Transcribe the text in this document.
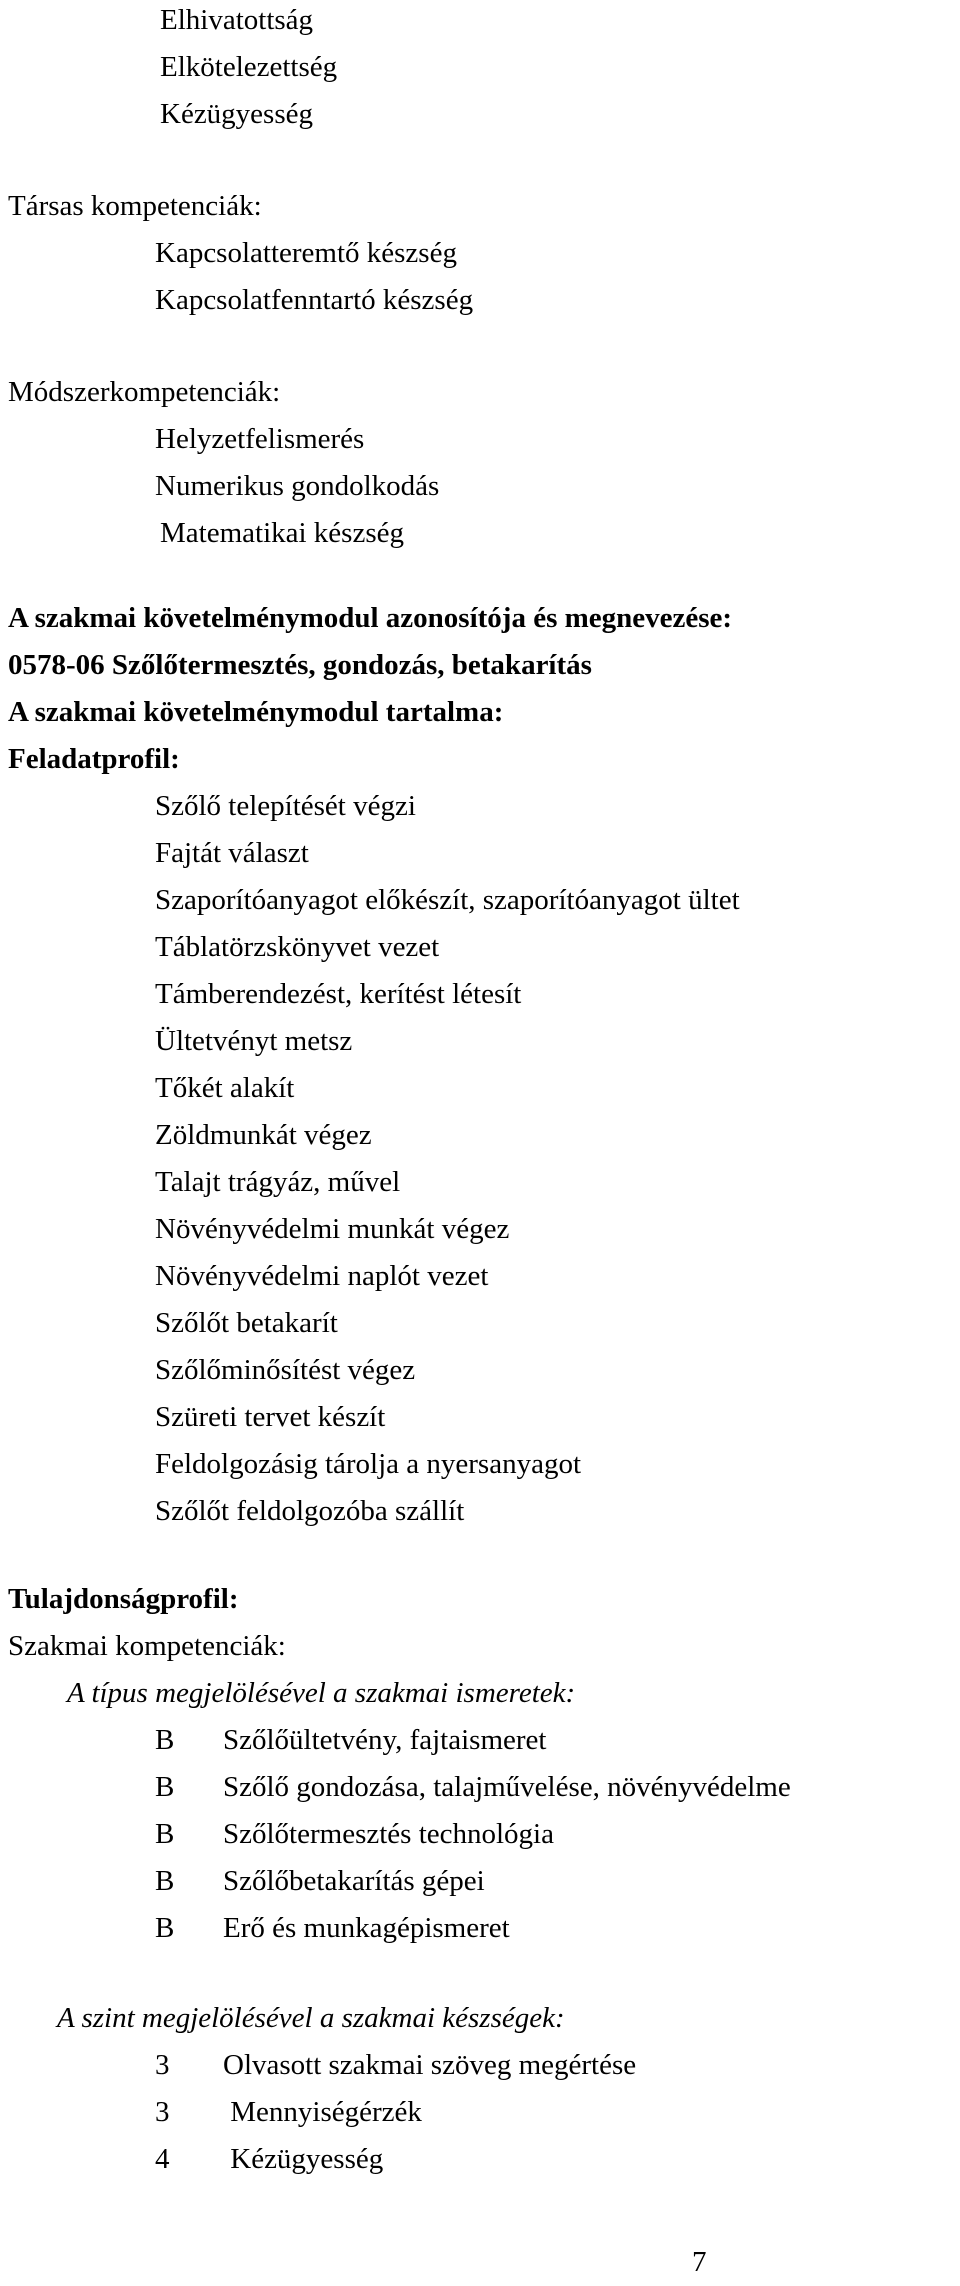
Elhivatottság
Elkötelezettség
Kézügyesség
Társas kompetenciák:
Kapcsolatteremtő készség
Kapcsolatfenntartó készség
Módszerkompetenciák:
Helyzetfelismerés
Numerikus gondolkodás
Matematikai készség
A szakmai követelménymodul azonosítója és megnevezése:
0578-06 Szőlőtermesztés, gondozás, betakarítás
A szakmai követelménymodul tartalma:
Feladatprofil:
Szőlő telepítését végzi
Fajtát választ
Szaporítóanyagot előkészít, szaporítóanyagot ültet
Táblatörzskönyvet vezet
Támberendezést, kerítést létesít
Ültetvényt metsz
Tőkét alakít
Zöldmunkát végez
Talajt trágyáz, művel
Növényvédelmi munkát végez
Növényvédelmi naplót vezet
Szőlőt betakarít
Szőlőminősítést végez
Szüreti tervet készít
Feldolgozásig tárolja a nyersanyagot
Szőlőt feldolgozóba szállít
Tulajdonságprofil:
Szakmai kompetenciák:
A típus megjelölésével a szakmai ismeretek:
B Szőlőültetvény, fajtaismeret
B Szőlő gondozása, talajművelése, növényvédelme
B Szőlőtermesztés technológia
B Szőlőbetakarítás gépei
B Erő és munkagépismeret
A szint megjelölésével a szakmai készségek:
3 Olvasott szakmai szöveg megértése
3 Mennyiségérzék
4 Kézügyesség
7
